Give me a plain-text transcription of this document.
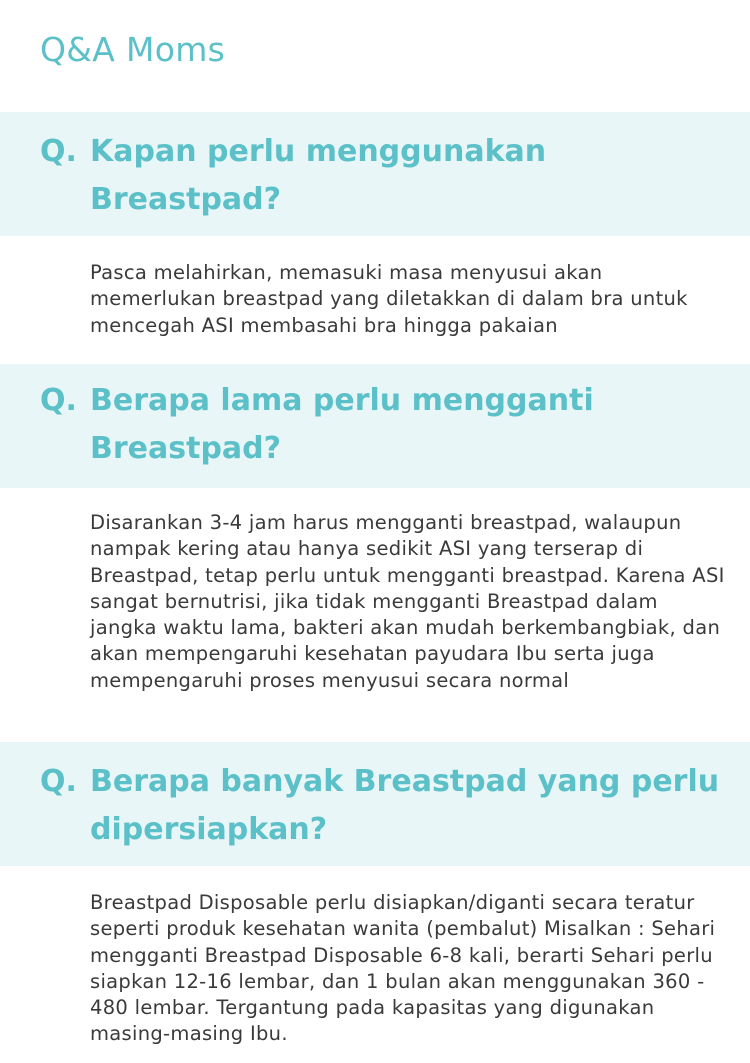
Q&A Moms
Q. Kapan perlu menggunakan Breastpad?

Pasca melahirkan, memasuki masa menyusui akan memerlukan breastpad yang diletakkan di dalam bra untuk mencegah ASI membasahi bra hingga pakaian

Q. Berapa lama perlu mengganti Breastpad?

Disarankan 3-4 jam harus mengganti breastpad, walaupun nampak kering atau hanya sedikit ASI yang terserap di Breastpad, tetap perlu untuk mengganti breastpad. Karena ASI sangat bernutrisi, jika tidak mengganti Breastpad dalam jangka waktu lama, bakteri akan mudah berkembangbiak, dan akan mempengaruhi kesehatan payudara Ibu serta juga mempengaruhi proses menyusui secara normal

Q. Berapa banyak Breastpad yang perlu dipersiapkan?

Breastpad Disposable perlu disiapkan/diganti secara teratur seperti produk kesehatan wanita (pembalut) Misalkan : Sehari mengganti Breastpad Disposable 6-8 kali, berarti Sehari perlu siapkan 12-16 lembar, dan 1 bulan akan menggunakan 360 - 480 lembar. Tergantung pada kapasitas yang digunakan masing-masing Ibu.
